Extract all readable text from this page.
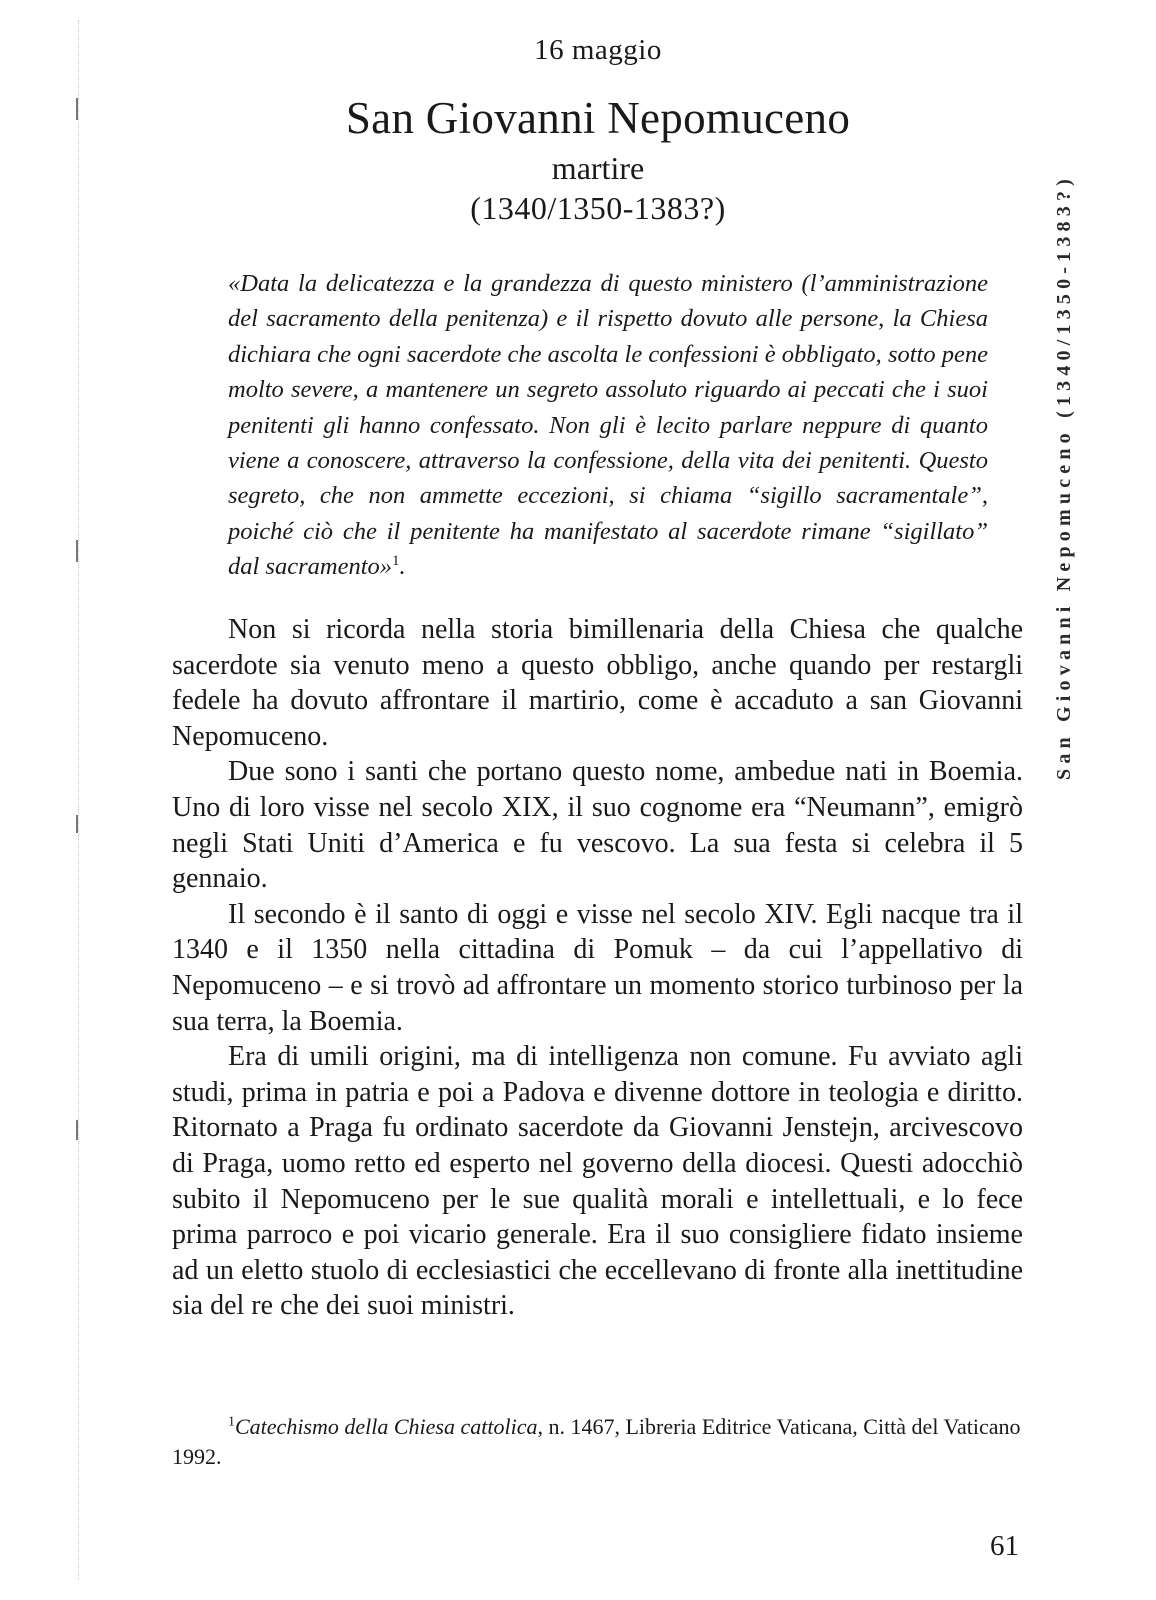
16 maggio
San Giovanni Nepomuceno
martire
(1340/1350-1383?)

«Data la delicatezza e la grandezza di questo ministero (l’amministrazione del sacramento della penitenza) e il rispetto dovuto alle persone, la Chiesa dichiara che ogni sacerdote che ascolta le confessioni è obbligato, sotto pene molto severe, a mantenere un segreto assoluto riguardo ai peccati che i suoi penitenti gli hanno confessato. Non gli è lecito parlare neppure di quanto viene a conoscere, attraverso la confessione, della vita dei penitenti. Questo segreto, che non ammette eccezioni, si chiama “sigillo sacramentale”, poiché ciò che il penitente ha manifestato al sacerdote rimane “sigillato” dal sacramento»$^1$.

Non si ricorda nella storia bimillenaria della Chiesa che qualche sacerdote sia venuto meno a questo obbligo, anche quando per restargli fedele ha dovuto affrontare il martirio, come è accaduto a san Giovanni Nepomuceno.

Due sono i santi che portano questo nome, ambedue nati in Boemia. Uno di loro visse nel secolo XIX, il suo cognome era “Neumann”, emigrò negli Stati Uniti d’America e fu vescovo. La sua festa si celebra il 5 gennaio.

Il secondo è il santo di oggi e visse nel secolo XIV. Egli nacque tra il 1340 e il 1350 nella cittadina di Pomuk – da cui l’appellativo di Nepomuceno – e si trovò ad affrontare un momento storico turbinoso per la sua terra, la Boemia.

Era di umili origini, ma di intelligenza non comune. Fu avviato agli studi, prima in patria e poi a Padova e divenne dottore in teologia e diritto. Ritornato a Praga fu ordinato sacerdote da Giovanni Jenstejn, arcivescovo di Praga, uomo retto ed esperto nel governo della diocesi. Questi adocchiò subito il Nepomuceno per le sue qualità morali e intellettuali, e lo fece prima parroco e poi vicario generale. Era il suo consigliere fidato insieme ad un eletto stuolo di ecclesiastici che eccellevano di fronte alla inettitudine sia del re che dei suoi ministri.

$^1$Catechismo della Chiesa cattolica, n. 1467, Libreria Editrice Vaticana, Città del Vaticano 1992.

61
San Giovanni Nepomuceno (1340/1350-1383?)
